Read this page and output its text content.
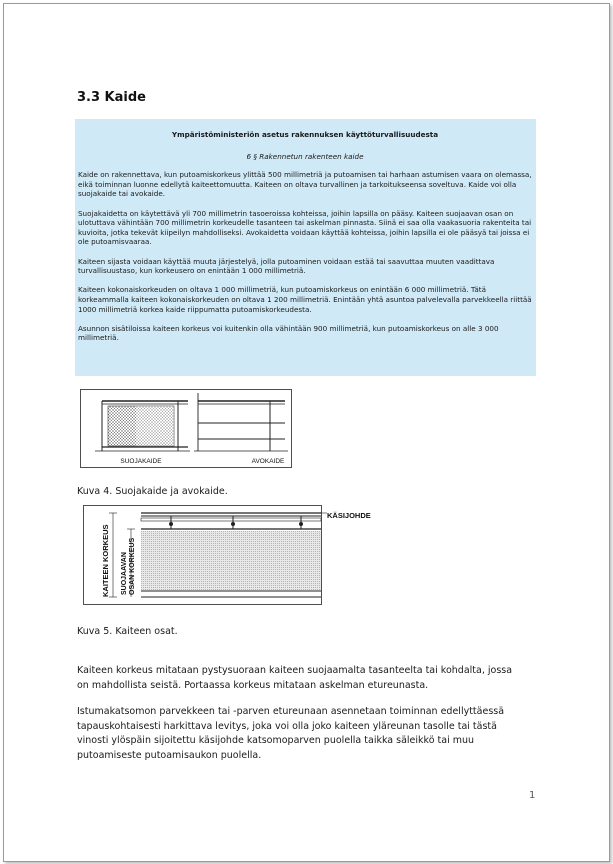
3.3 Kaide
Ympäristöministeriön asetus rakennuksen käyttöturvallisuudesta
6 § Rakennetun rakenteen kaide

Kaide on rakennettava, kun putoamiskorkeus ylittää 500 millimetriä ja putoamisen tai harhaan astumisen vaara on olemassa, eikä toiminnan luonne edellytä kaiteettomuutta. Kaiteen on oltava turvallinen ja tarkoitukseensa soveltuva. Kaide voi olla suojakaide tai avokaide.

Suojakaidetta on käytettävä yli 700 millimetrin tasoeroissa kohteissa, joihin lapsilla on pääsy. Kaiteen suojaavan osan on ulotuttava vähintään 700 millimetrin korkeudelle tasanteen tai askelman pinnasta. Siinä ei saa olla vaakasuoria rakenteita tai kuvioita, jotka tekevät kiipeilyn mahdolliseksi. Avokaidetta voidaan käyttää kohteissa, joihin lapsilla ei ole pääsyä tai joissa ei ole putoamisvaaraa.

Kaiteen sijasta voidaan käyttää muuta järjestelyä, jolla putoaminen voidaan estää tai saavuttaa muuten vaadittava turvallisuustaso, kun korkeusero on enintään 1 000 millimetriä.

Kaiteen kokonaiskorkeuden on oltava 1 000 millimetriä, kun putoamiskorkeus on enintään 6 000 millimetriä. Tätä korkeammalla kaiteen kokonaiskorkeuden on oltava 1 200 millimetriä. Enintään yhtä asuntoa palvelevalla parvekkeella riittää 1000 millimetriä korkea kaide riippumatta putoamiskorkeudesta.

Asunnon sisätiloissa kaiteen korkeus voi kuitenkin olla vähintään 900 millimetriä, kun putoamiskorkeus on alle 3 000 millimetriä.

SUOJAKAIDE	AVOKAIDE
Kuva 4. Suojakaide ja avokaide.
KAITEEN KORKEUS SUOJAAVAN OSAN KORKEUS
KÄSIJOHDE
Kuva 5. Kaiteen osat.
Kaiteen korkeus mitataan pystysuoraan kaiteen suojaamalta tasanteelta tai kohdalta, jossa on mahdollista seistä. Portaassa korkeus mitataan askelman etureunasta.
Istumakatsomon parvekkeen tai -parven etureunaan asennetaan toiminnan edellyttäessä tapauskohtaisesti harkittava levitys, joka voi olla joko kaiteen yläreunan tasolle tai tästä vinosti ylöspäin sijoitettu käsijohde katsomoparven puolella taikka säleikkö tai muu putoamiseste putoamisaukon puolella.
1
